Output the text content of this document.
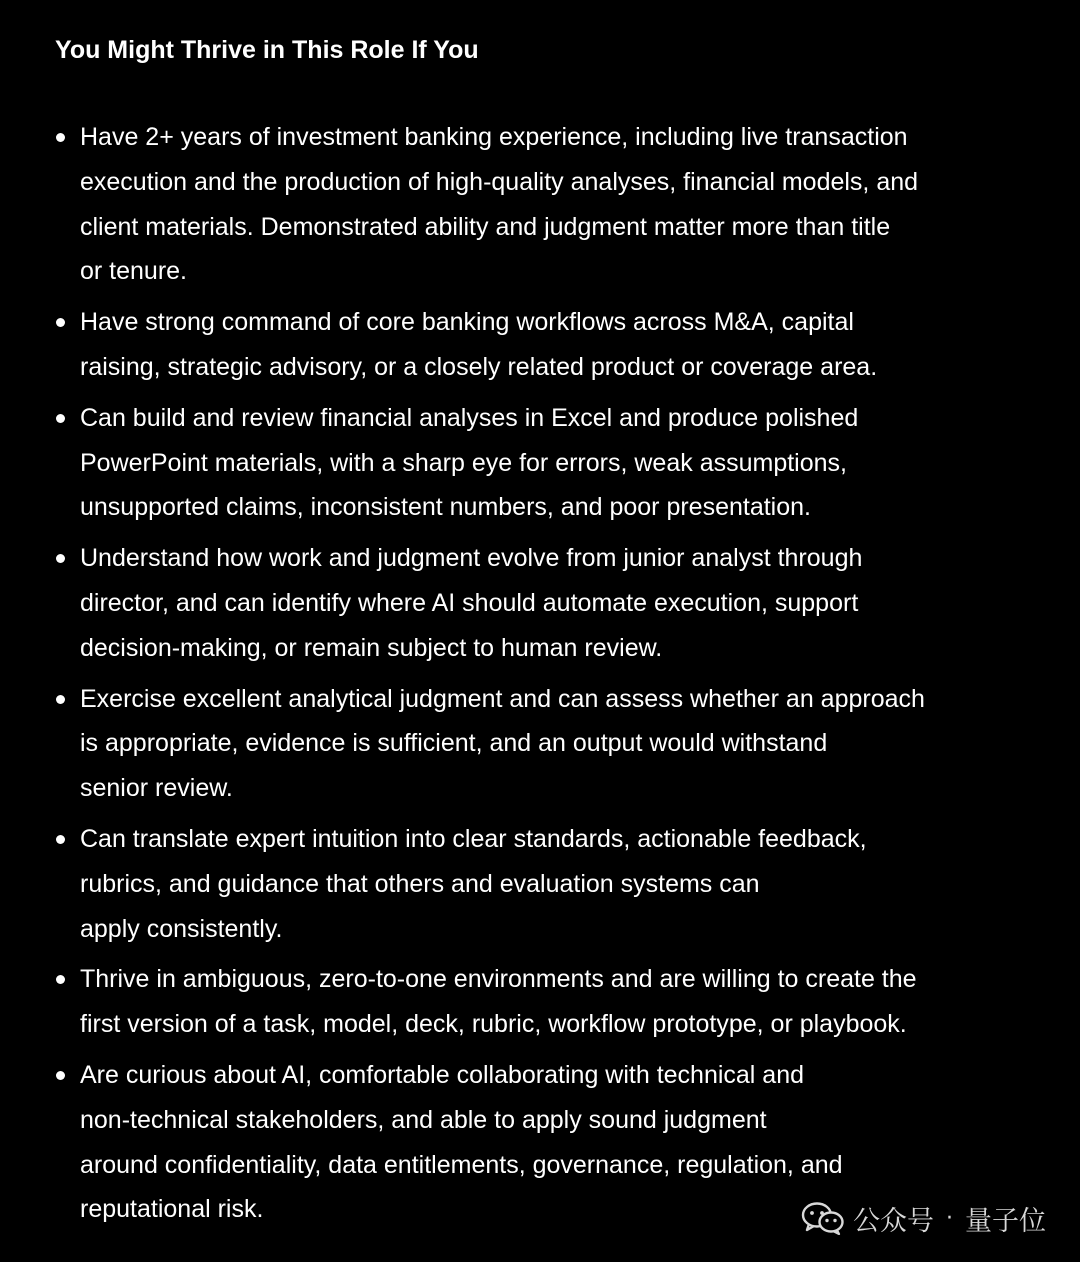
You Might Thrive in This Role If You
Have 2+ years of investment banking experience, including live transaction
execution and the production of high-quality analyses, financial models, and
client materials. Demonstrated ability and judgment matter more than title
or tenure.
Have strong command of core banking workflows across M&A, capital
raising, strategic advisory, or a closely related product or coverage area.
Can build and review financial analyses in Excel and produce polished
PowerPoint materials, with a sharp eye for errors, weak assumptions,
unsupported claims, inconsistent numbers, and poor presentation.
Understand how work and judgment evolve from junior analyst through
director, and can identify where AI should automate execution, support
decision-making, or remain subject to human review.
Exercise excellent analytical judgment and can assess whether an approach
is appropriate, evidence is sufficient, and an output would withstand
senior review.
Can translate expert intuition into clear standards, actionable feedback,
rubrics, and guidance that others and evaluation systems can
apply consistently.
Thrive in ambiguous, zero-to-one environments and are willing to create the
first version of a task, model, deck, rubric, workflow prototype, or playbook.
Are curious about AI, comfortable collaborating with technical and
non-technical stakeholders, and able to apply sound judgment
around confidentiality, data entitlements, governance, regulation, and
reputational risk.	公众号 · 量子位
